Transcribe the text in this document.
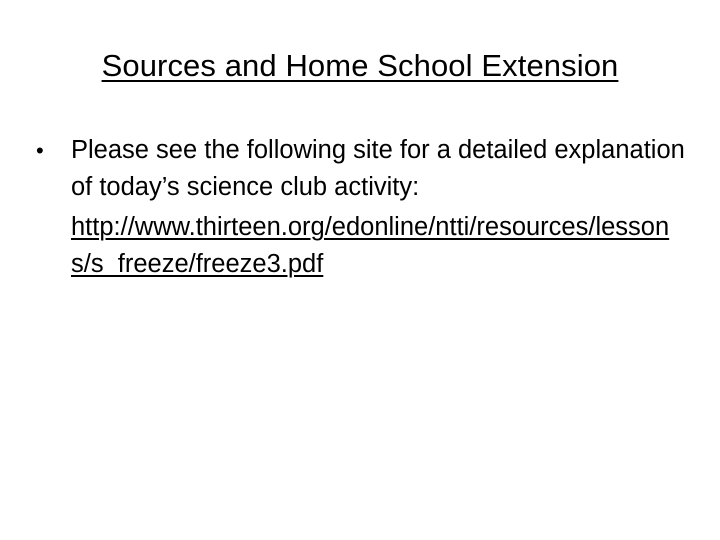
Sources and Home School Extension
•	Please see the following site for a detailed explanation of today’s science club activity:
http://www.thirteen.org/edonline/ntti/resources/lessons/s_freeze/freeze3.pdf
